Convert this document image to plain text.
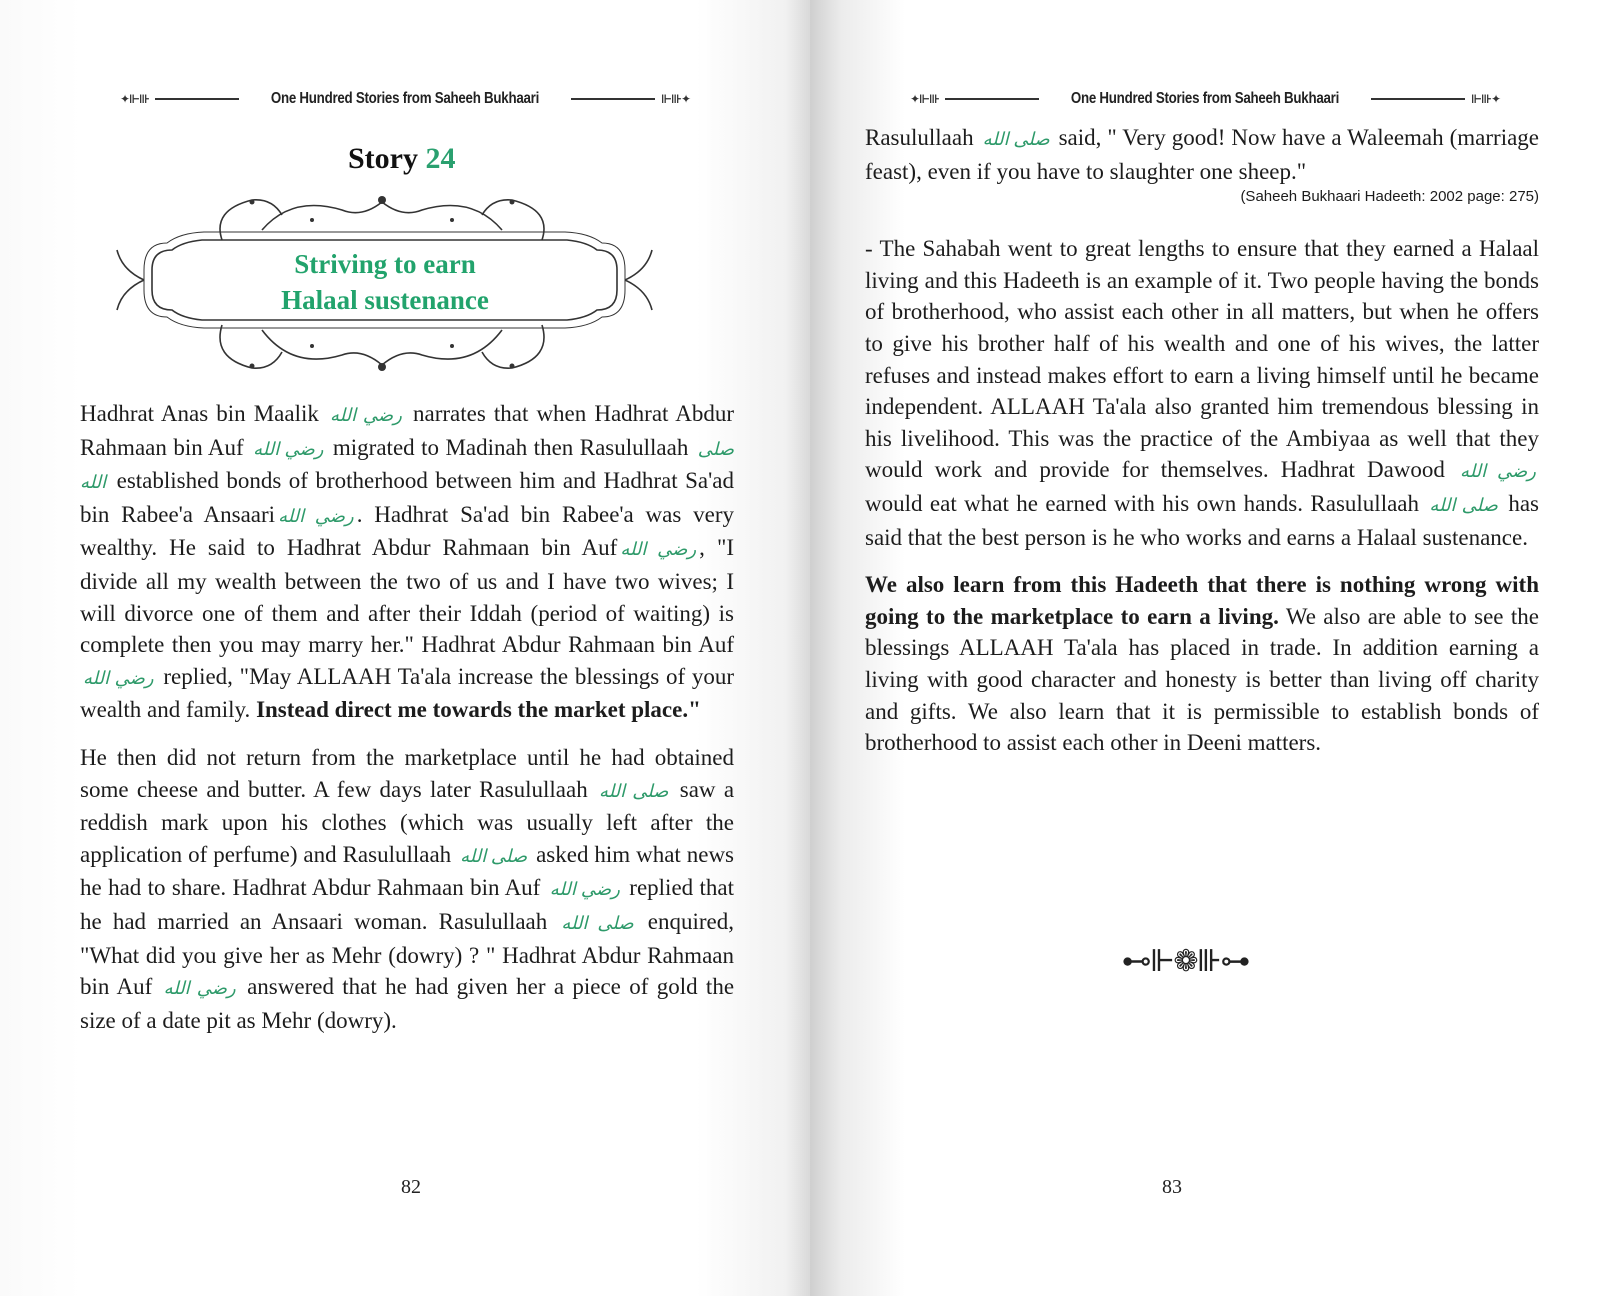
✦⊩⊪	One Hundred Stories from Saheeh Bukhaari	⊩⊪✦
Story 24
Striving to earn
Halaal sustenance

Hadhrat Anas bin Maalik رضي الله narrates that when Hadhrat Abdur Rahmaan bin Auf رضي الله migrated to Madinah then Rasulullaah صلى الله established bonds of brotherhood between him and Hadhrat Sa'ad bin Rabee'a Ansaari رضي الله . Hadhrat Sa'ad bin Rabee'a was very wealthy. He said to Hadhrat Abdur Rahmaan bin Auf رضي الله , "I divide all my wealth between the two of us and I have two wives; I will divorce one of them and after their Iddah (period of waiting) is complete then you may marry her." Hadhrat Abdur Rahmaan bin Auf رضي الله replied, "May ALLAAH Ta'ala increase the blessings of your wealth and family. Instead direct me towards the market place."

He then did not return from the marketplace until he had obtained some cheese and butter. A few days later Rasulullaah صلى الله saw a reddish mark upon his clothes (which was usually left after the application of perfume) and Rasulullaah صلى الله asked him what news he had to share. Hadhrat Abdur Rahmaan bin Auf رضي الله replied that he had married an Ansaari woman. Rasulullaah صلى الله enquired, "What did you give her as Mehr (dowry) ? " Hadhrat Abdur Rahmaan bin Auf رضي الله answered that he had given her a piece of gold the size of a date pit as Mehr (dowry).

82
✦⊩⊪	One Hundred Stories from Saheeh Bukhaari	⊩⊪✦

Rasulullaah صلى الله said, " Very good! Now have a Waleemah (marriage feast), even if you have to slaughter one sheep."

(Saheeh Bukhaari Hadeeth: 2002 page: 275)

- The Sahabah went to great lengths to ensure that they earned a Halaal living and this Hadeeth is an example of it. Two people having the bonds of brotherhood, who assist each other in all matters, but when he offers to give his brother half of his wealth and one of his wives, the latter refuses and instead makes effort to earn a living himself until he became independent. ALLAAH Ta'ala also granted him tremendous blessing in his livelihood. This was the practice of the Ambiyaa as well that they would work and provide for themselves. Hadhrat Dawood رضي الله would eat what he earned with his own hands. Rasulullaah صلى الله has said that the best person is he who works and earns a Halaal sustenance.

We also learn from this Hadeeth that there is nothing wrong with going to the marketplace to earn a living. We also are able to see the blessings ALLAAH Ta'ala has placed in trade. In addition earning a living with good character and honesty is better than living off charity and gifts. We also learn that it is permissible to establish bonds of brotherhood to assist each other in Deeni matters.

⊷⊩❁⊪⊶
83
